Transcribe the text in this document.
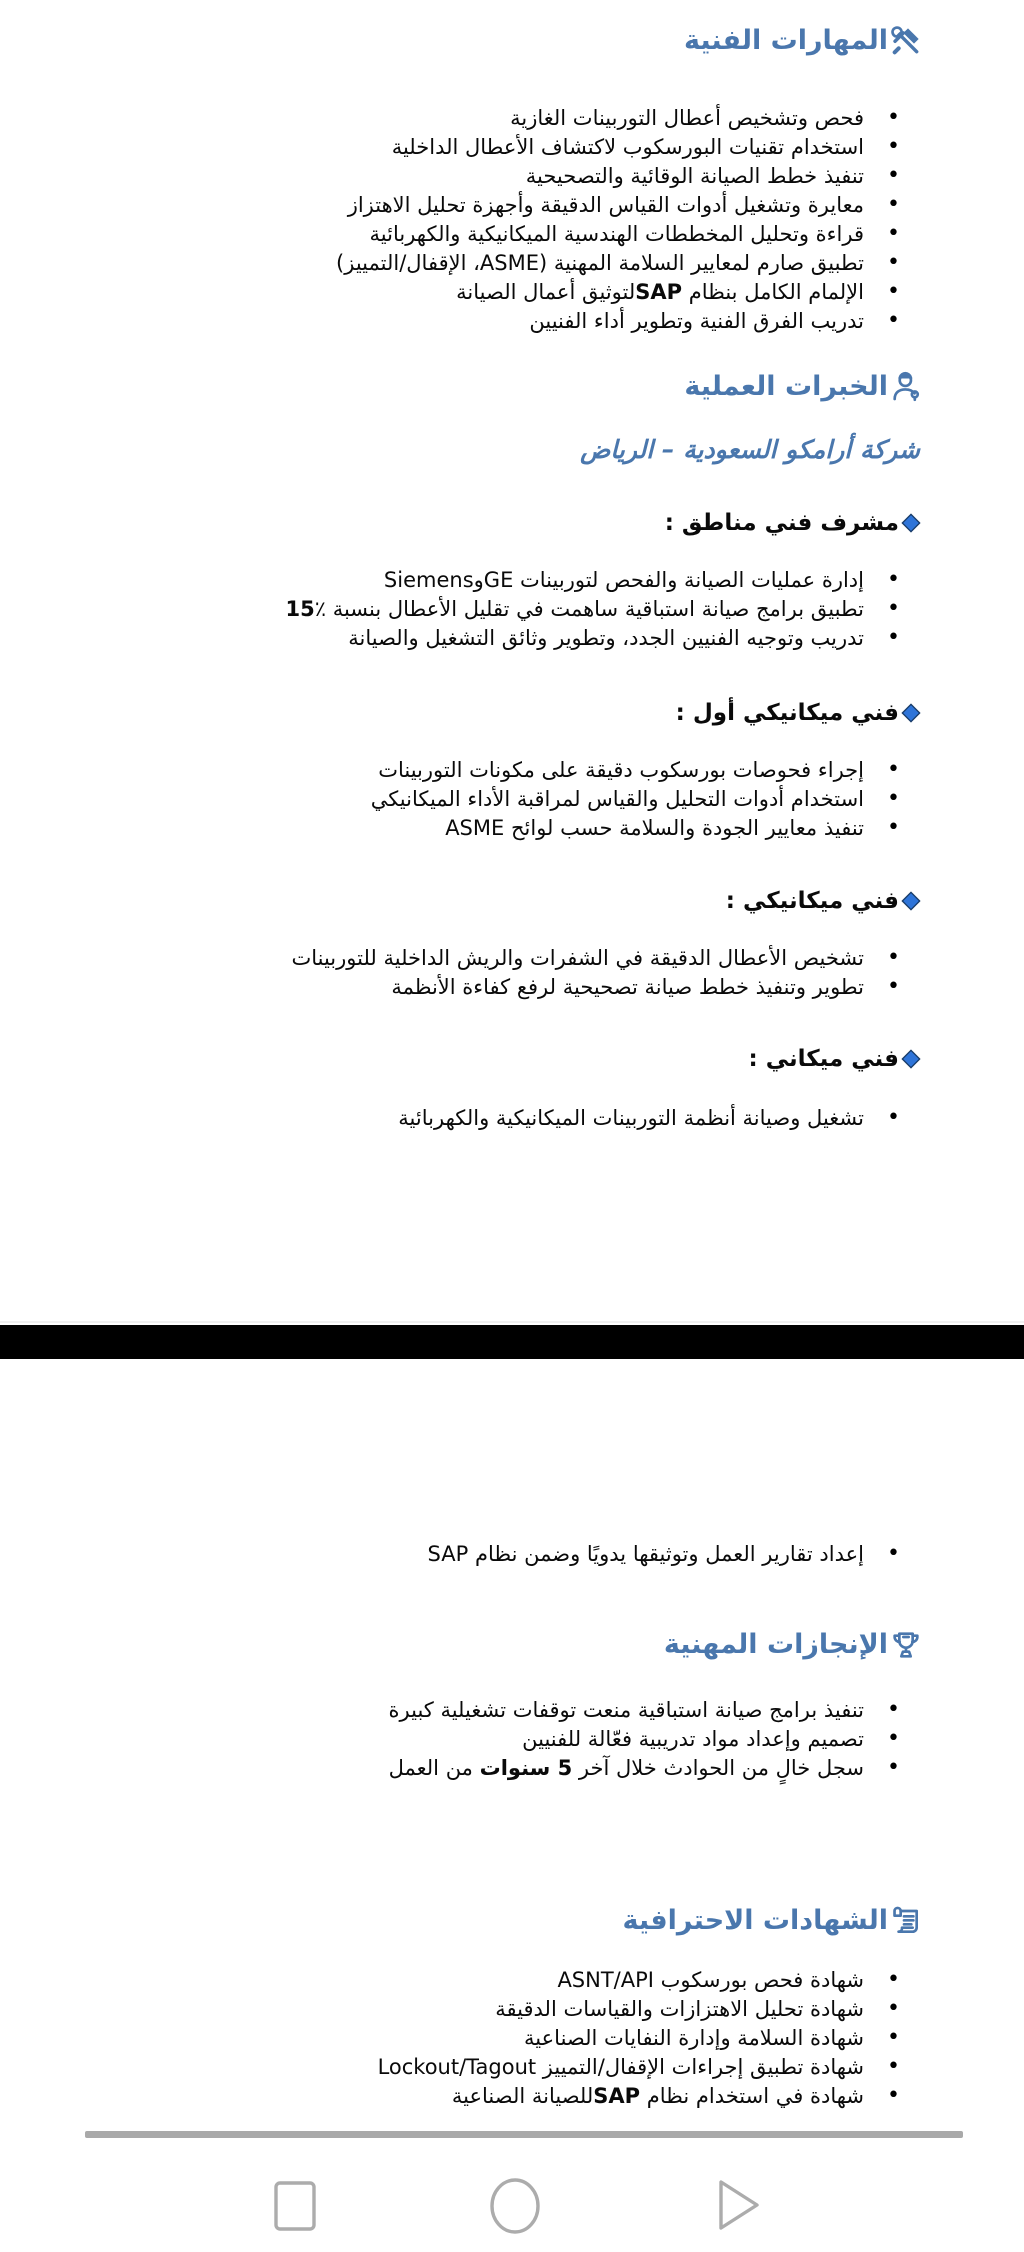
المهارات الفنية
• فحص وتشخيص أعطال التوربينات الغازية
• استخدام تقنيات البورسكوب لاكتشاف الأعطال الداخلية
• تنفيذ خطط الصيانة الوقائية والتصحيحية
• معايرة وتشغيل أدوات القياس الدقيقة وأجهزة تحليل الاهتزاز
• قراءة وتحليل المخططات الهندسية الميكانيكية والكهربائية
• تطبيق صارم لمعايير السلامة المهنية (ASME، الإقفال/التمييز)
• الإلمام الكامل بنظام SAPلتوثيق أعمال الصيانة
• تدريب الفرق الفنية وتطوير أداء الفنيين
الخبرات العملية
شركة أرامكو السعودية – الرياض
مشرف فني مناطق :
• إدارة عمليات الصيانة والفحص لتوربينات GEوSiemens
• تطبيق برامج صيانة استباقية ساهمت في تقليل الأعطال بنسبة ٪15
• تدريب وتوجيه الفنيين الجدد، وتطوير وثائق التشغيل والصيانة
فني ميكانيكي أول :
• إجراء فحوصات بورسكوب دقيقة على مكونات التوربينات
• استخدام أدوات التحليل والقياس لمراقبة الأداء الميكانيكي
• تنفيذ معايير الجودة والسلامة حسب لوائح ASME
فني ميكانيكي :
• تشخيص الأعطال الدقيقة في الشفرات والريش الداخلية للتوربينات
• تطوير وتنفيذ خطط صيانة تصحيحية لرفع كفاءة الأنظمة
فني ميكاني :
• تشغيل وصيانة أنظمة التوربينات الميكانيكية والكهربائية
• إعداد تقارير العمل وتوثيقها يدويًا وضمن نظام SAP
الإنجازات المهنية
• تنفيذ برامج صيانة استباقية منعت توقفات تشغيلية كبيرة
• تصميم وإعداد مواد تدريبية فعّالة للفنيين
• سجل خالٍ من الحوادث خلال آخر 5 سنوات من العمل
الشهادات الاحترافية
• شهادة فحص بورسكوب ASNT/API
• شهادة تحليل الاهتزازات والقياسات الدقيقة
• شهادة السلامة وإدارة النفايات الصناعية
• شهادة تطبيق إجراءات الإقفال/التمييز Lockout/Tagout
• شهادة في استخدام نظام SAPللصيانة الصناعية
